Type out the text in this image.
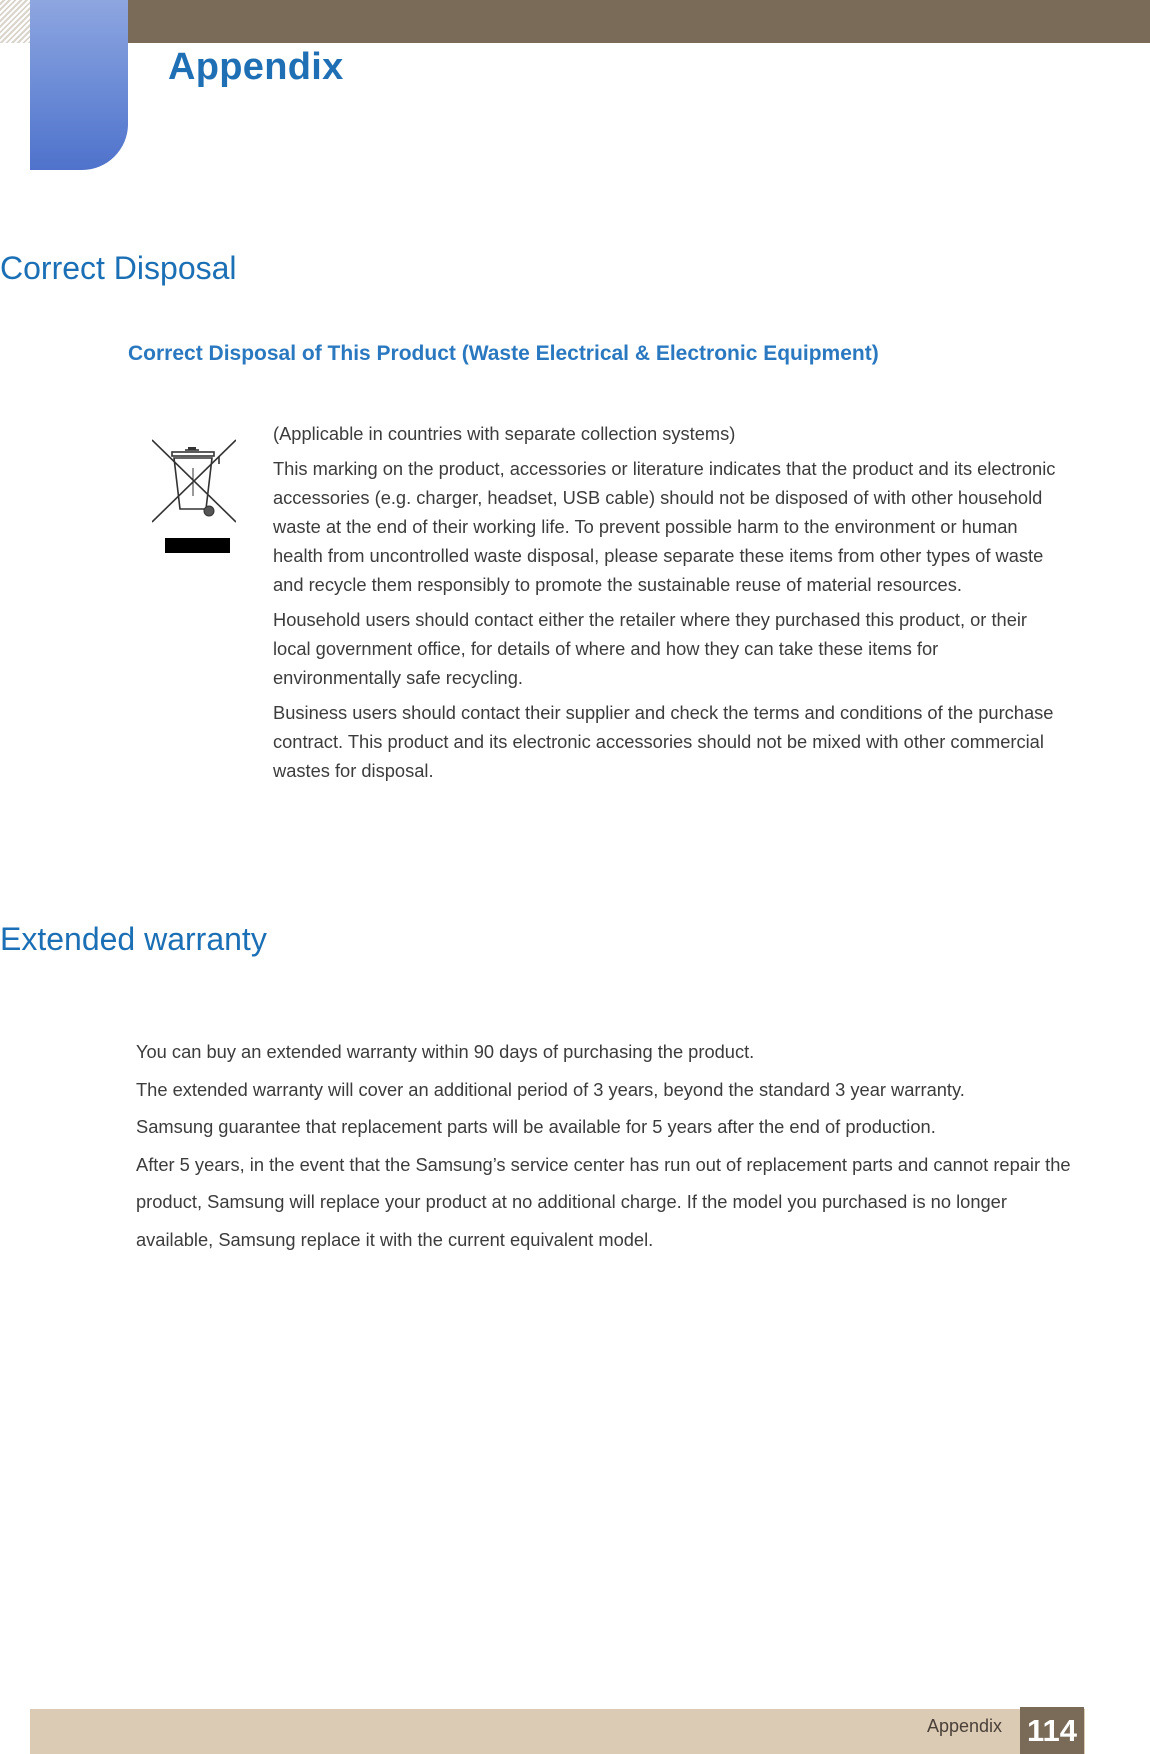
Appendix
Correct Disposal
Correct Disposal of This Product (Waste Electrical & Electronic Equipment)

(Applicable in countries with separate collection systems)

This marking on the product, accessories or literature indicates that the product and its electronic accessories (e.g. charger, headset, USB cable) should not be disposed of with other household waste at the end of their working life. To prevent possible harm to the environment or human health from uncontrolled waste disposal, please separate these items from other types of waste and recycle them responsibly to promote the sustainable reuse of material resources.

Household users should contact either the retailer where they purchased this product, or their local government office, for details of where and how they can take these items for environmentally safe recycling.

Business users should contact their supplier and check the terms and conditions of the purchase contract. This product and its electronic accessories should not be mixed with other commercial wastes for disposal.

Extended warranty

You can buy an extended warranty within 90 days of purchasing the product.

The extended warranty will cover an additional period of 3 years, beyond the standard 3 year warranty.

Samsung guarantee that replacement parts will be available for 5 years after the end of production.

After 5 years, in the event that the Samsung’s service center has run out of replacement parts and cannot repair the product, Samsung will replace your product at no additional charge. If the model you purchased is no longer available, Samsung replace it with the current equivalent model.

Appendix 114
